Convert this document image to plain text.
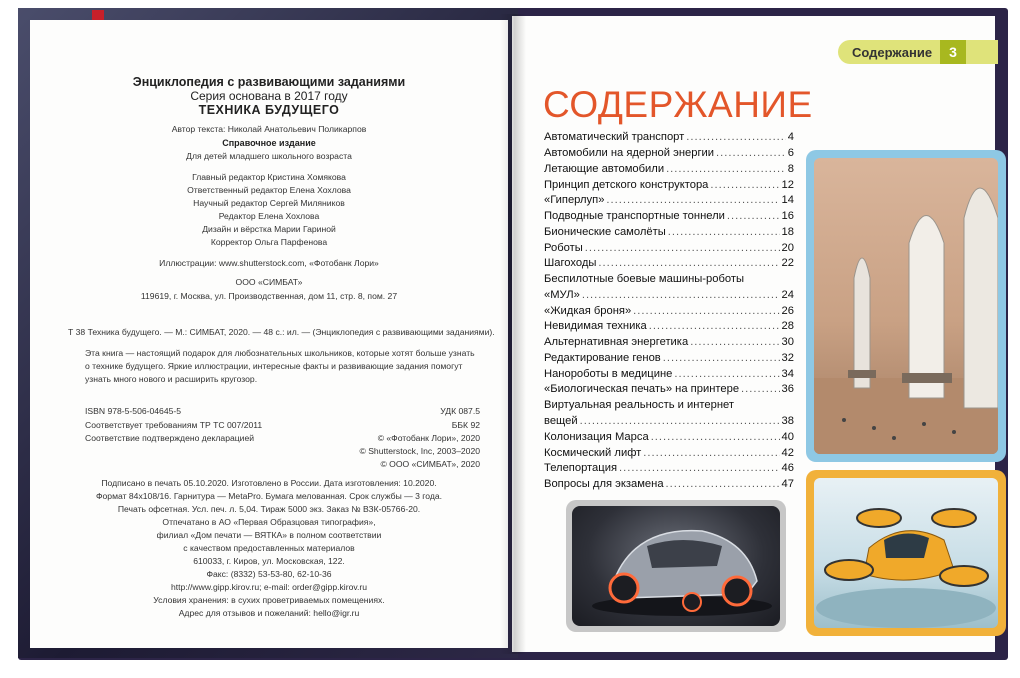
Энциклопедия с развивающими заданиями
Серия основана в 2017 году
ТЕХНИКА БУДУЩЕГО
Автор текста: Николай Анатольевич Поликарпов
Справочное издание
Для детей младшего школьного возраста
Главный редактор Кристина Хомякова
Ответственный редактор Елена Хохлова
Научный редактор Сергей Миляников
Редактор Елена Хохлова
Дизайн и вёрстка Марии Гариной
Корректор Ольга Парфенова
Иллюстрации: www.shutterstock.com, «Фотобанк Лори»
ООО «СИМБАТ»
119619, г. Москва, ул. Производственная, дом 11, стр. 8, пом. 27
Т 38 Техника будущего. — М.: СИМБАТ, 2020. — 48 с.: ил. — (Энциклопедия с развивающими заданиями).
Эта книга — настоящий подарок для любознательных школьников, которые хотят больше узнать
о технике будущего. Яркие иллюстрации, интересные факты и развивающие задания помогут
узнать много нового и расширить кругозор.
ISBN 978-5-506-04645-5
Соответствует требованиям ТР ТС 007/2011
Соответствие подтверждено декларацией
УДК 087.5
ББК 92
© «Фотобанк Лори», 2020
© Shutterstock, Inc, 2003–2020
© ООО «СИМБАТ», 2020
Подписано в печать 05.10.2020. Изготовлено в России. Дата изготовления: 10.2020.
Формат 84х108/16. Гарнитура — MetaPro. Бумага мелованная. Срок службы — 3 года.
Печать офсетная. Усл. печ. л. 5,04. Тираж 5000 экз. Заказ № ВЗК-05766-20.
Отпечатано в АО «Первая Образцовая типография»,
филиал «Дом печати — ВЯТКА» в полном соответствии
с качеством предоставленных материалов
610033, г. Киров, ул. Московская, 122.
Факс: (8332) 53-53-80, 62-10-36
http://www.gipp.kirov.ru; e-mail: order@gipp.kirov.ru
Условия хранения: в сухих проветриваемых помещениях.
Адрес для отзывов и пожеланий: hello@igr.ru
Содержание	3
СОДЕРЖАНИЕ
Автоматический транспорт .....	4
Автомобили на ядерной энергии .....	6
Летающие автомобили .....	8
Принцип детского конструктора .....	12
«Гиперлуп» .....	14
Подводные транспортные тоннели .....	16
Бионические самолёты .....	18
Роботы .....	20
Шагоходы .....	22
Беспилотные боевые машины-роботы
«МУЛ» .....	24
«Жидкая броня» .....	26
Невидимая техника .....	28
Альтернативная энергетика .....	30
Редактирование генов .....	32
Нанороботы в медицине .....	34
«Биологическая печать» на принтере .....	36
Виртуальная реальность и интернет
вещей .....	38
Колонизация Марса .....	40
Космический лифт .....	42
Телепортация .....	46
Вопросы для экзамена .....	47
